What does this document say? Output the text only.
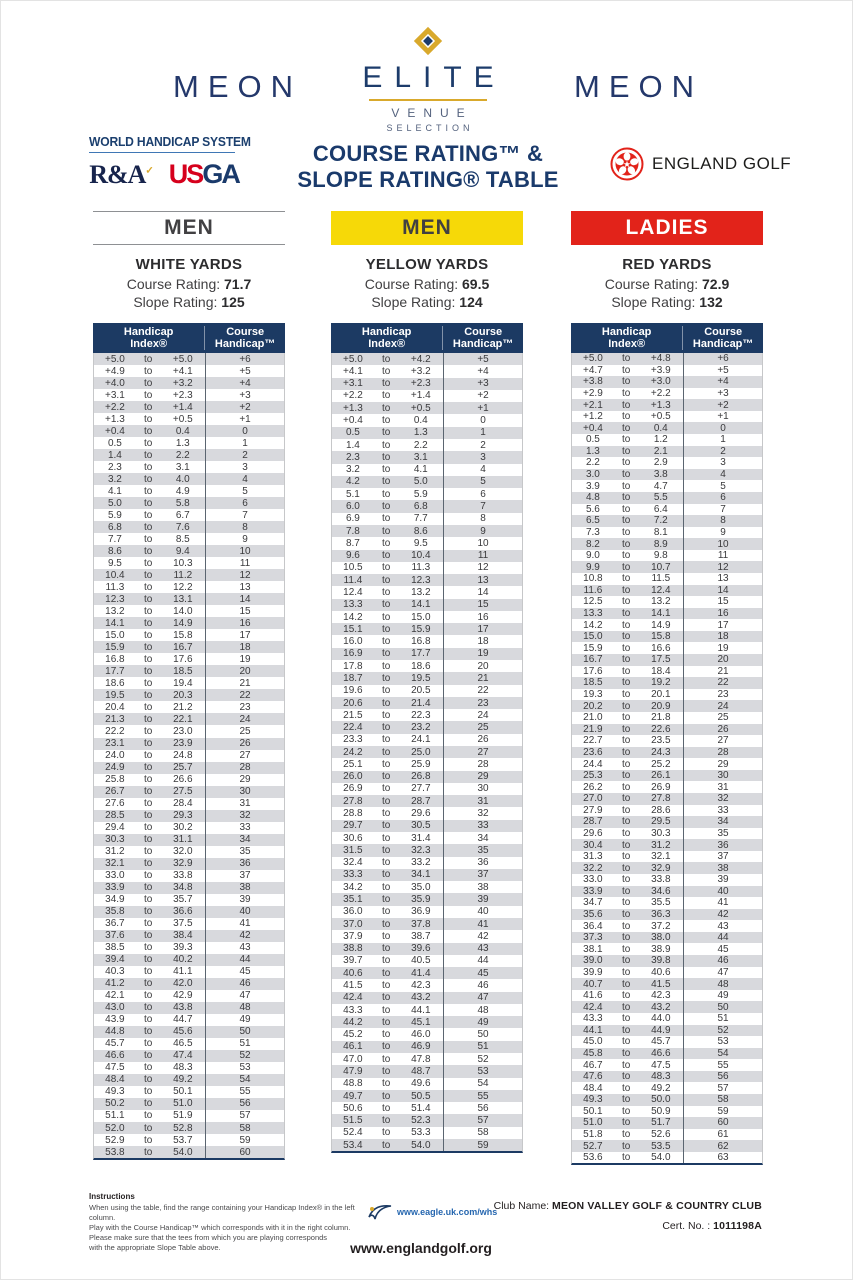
MEON	MEON
ELITE
VENUE
SELECTION
WORLD HANDICAP SYSTEM
R&A✓ USGA
COURSE RATING™ &
SLOPE RATING® TABLE
ENGLAND GOLF
MEN
WHITE YARDS
Course Rating: 71.7
Slope Rating: 125
Handicap
Index®
Course
Handicap™
+5.0	to	+5.0	+6
+4.9	to	+4.1	+5
+4.0	to	+3.2	+4
+3.1	to	+2.3	+3
+2.2	to	+1.4	+2
+1.3	to	+0.5	+1
+0.4	to	0.4	0
0.5	to	1.3	1
1.4	to	2.2	2
2.3	to	3.1	3
3.2	to	4.0	4
4.1	to	4.9	5
5.0	to	5.8	6
5.9	to	6.7	7
6.8	to	7.6	8
7.7	to	8.5	9
8.6	to	9.4	10
9.5	to	10.3	11
10.4	to	11.2	12
11.3	to	12.2	13
12.3	to	13.1	14
13.2	to	14.0	15
14.1	to	14.9	16
15.0	to	15.8	17
15.9	to	16.7	18
16.8	to	17.6	19
17.7	to	18.5	20
18.6	to	19.4	21
19.5	to	20.3	22
20.4	to	21.2	23
21.3	to	22.1	24
22.2	to	23.0	25
23.1	to	23.9	26
24.0	to	24.8	27
24.9	to	25.7	28
25.8	to	26.6	29
26.7	to	27.5	30
27.6	to	28.4	31
28.5	to	29.3	32
29.4	to	30.2	33
30.3	to	31.1	34
31.2	to	32.0	35
32.1	to	32.9	36
33.0	to	33.8	37
33.9	to	34.8	38
34.9	to	35.7	39
35.8	to	36.6	40
36.7	to	37.5	41
37.6	to	38.4	42
38.5	to	39.3	43
39.4	to	40.2	44
40.3	to	41.1	45
41.2	to	42.0	46
42.1	to	42.9	47
43.0	to	43.8	48
43.9	to	44.7	49
44.8	to	45.6	50
45.7	to	46.5	51
46.6	to	47.4	52
47.5	to	48.3	53
48.4	to	49.2	54
49.3	to	50.1	55
50.2	to	51.0	56
51.1	to	51.9	57
52.0	to	52.8	58
52.9	to	53.7	59
53.8	to	54.0	60
MEN
YELLOW YARDS
Course Rating: 69.5
Slope Rating: 124
Handicap
Index®
Course
Handicap™
+5.0	to	+4.2	+5
+4.1	to	+3.2	+4
+3.1	to	+2.3	+3
+2.2	to	+1.4	+2
+1.3	to	+0.5	+1
+0.4	to	0.4	0
0.5	to	1.3	1
1.4	to	2.2	2
2.3	to	3.1	3
3.2	to	4.1	4
4.2	to	5.0	5
5.1	to	5.9	6
6.0	to	6.8	7
6.9	to	7.7	8
7.8	to	8.6	9
8.7	to	9.5	10
9.6	to	10.4	11
10.5	to	11.3	12
11.4	to	12.3	13
12.4	to	13.2	14
13.3	to	14.1	15
14.2	to	15.0	16
15.1	to	15.9	17
16.0	to	16.8	18
16.9	to	17.7	19
17.8	to	18.6	20
18.7	to	19.5	21
19.6	to	20.5	22
20.6	to	21.4	23
21.5	to	22.3	24
22.4	to	23.2	25
23.3	to	24.1	26
24.2	to	25.0	27
25.1	to	25.9	28
26.0	to	26.8	29
26.9	to	27.7	30
27.8	to	28.7	31
28.8	to	29.6	32
29.7	to	30.5	33
30.6	to	31.4	34
31.5	to	32.3	35
32.4	to	33.2	36
33.3	to	34.1	37
34.2	to	35.0	38
35.1	to	35.9	39
36.0	to	36.9	40
37.0	to	37.8	41
37.9	to	38.7	42
38.8	to	39.6	43
39.7	to	40.5	44
40.6	to	41.4	45
41.5	to	42.3	46
42.4	to	43.2	47
43.3	to	44.1	48
44.2	to	45.1	49
45.2	to	46.0	50
46.1	to	46.9	51
47.0	to	47.8	52
47.9	to	48.7	53
48.8	to	49.6	54
49.7	to	50.5	55
50.6	to	51.4	56
51.5	to	52.3	57
52.4	to	53.3	58
53.4	to	54.0	59
LADIES
RED YARDS
Course Rating: 72.9
Slope Rating: 132
Handicap
Index®
Course
Handicap™
+5.0	to	+4.8	+6
+4.7	to	+3.9	+5
+3.8	to	+3.0	+4
+2.9	to	+2.2	+3
+2.1	to	+1.3	+2
+1.2	to	+0.5	+1
+0.4	to	0.4	0
0.5	to	1.2	1
1.3	to	2.1	2
2.2	to	2.9	3
3.0	to	3.8	4
3.9	to	4.7	5
4.8	to	5.5	6
5.6	to	6.4	7
6.5	to	7.2	8
7.3	to	8.1	9
8.2	to	8.9	10
9.0	to	9.8	11
9.9	to	10.7	12
10.8	to	11.5	13
11.6	to	12.4	14
12.5	to	13.2	15
13.3	to	14.1	16
14.2	to	14.9	17
15.0	to	15.8	18
15.9	to	16.6	19
16.7	to	17.5	20
17.6	to	18.4	21
18.5	to	19.2	22
19.3	to	20.1	23
20.2	to	20.9	24
21.0	to	21.8	25
21.9	to	22.6	26
22.7	to	23.5	27
23.6	to	24.3	28
24.4	to	25.2	29
25.3	to	26.1	30
26.2	to	26.9	31
27.0	to	27.8	32
27.9	to	28.6	33
28.7	to	29.5	34
29.6	to	30.3	35
30.4	to	31.2	36
31.3	to	32.1	37
32.2	to	32.9	38
33.0	to	33.8	39
33.9	to	34.6	40
34.7	to	35.5	41
35.6	to	36.3	42
36.4	to	37.2	43
37.3	to	38.0	44
38.1	to	38.9	45
39.0	to	39.8	46
39.9	to	40.6	47
40.7	to	41.5	48
41.6	to	42.3	49
42.4	to	43.2	50
43.3	to	44.0	51
44.1	to	44.9	52
45.0	to	45.7	53
45.8	to	46.6	54
46.7	to	47.5	55
47.6	to	48.3	56
48.4	to	49.2	57
49.3	to	50.0	58
50.1	to	50.9	59
51.0	to	51.7	60
51.8	to	52.6	61
52.7	to	53.5	62
53.6	to	54.0	63
Instructions
When using the table, find the range containing your Handicap Index® in the left column.
Play with the Course Handicap™ which corresponds with it in the right column.
Please make sure that the tees from which you are playing corresponds
with the appropriate Slope Table above.
www.eagle.uk.com/whs
www.englandgolf.org
Club Name: MEON VALLEY GOLF & COUNTRY CLUB
Cert. No. : 1011198A
